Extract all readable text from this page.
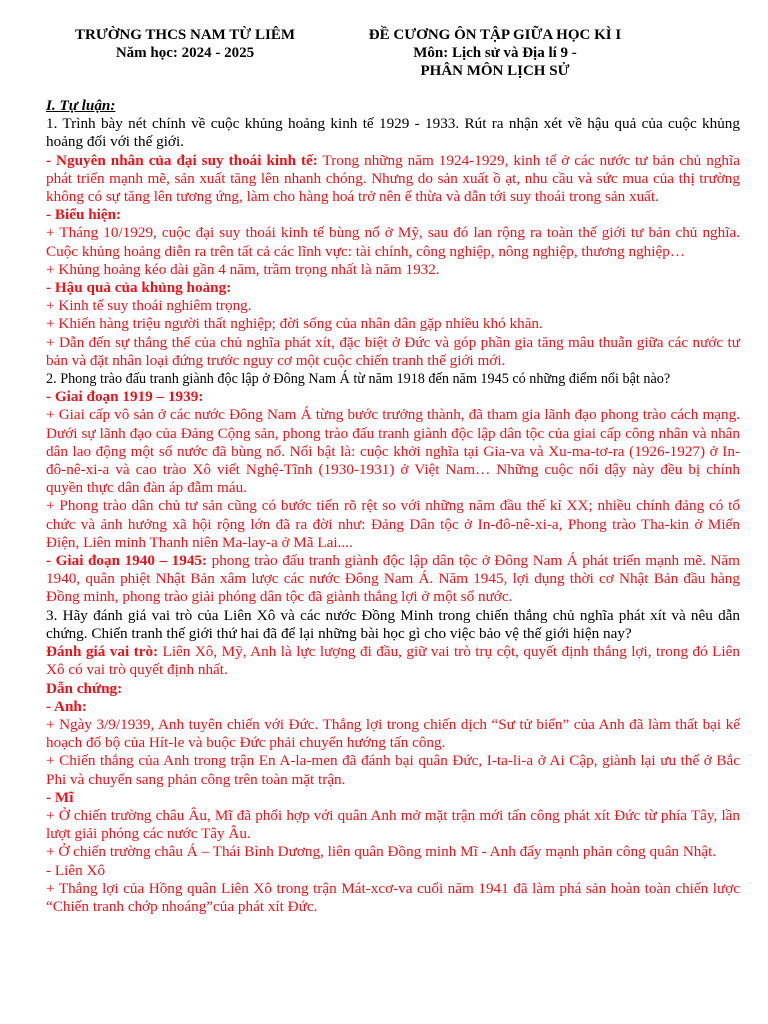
TRƯỜNG THCS NAM TỪ LIÊM
Năm học: 2024 - 2025
ĐỀ CƯƠNG ÔN TẬP GIỮA HỌC KÌ I
Môn: Lịch sử và Địa lí 9 -
PHÂN MÔN LỊCH SỬ

I. Tự luận:

1. Trình bày nét chính về cuộc khủng hoảng kinh tế 1929 - 1933. Rút ra nhận xét về hậu quả của cuộc khủng hoảng đối với thế giới.

- Nguyên nhân của đại suy thoái kinh tế: Trong những năm 1924-1929, kinh tế ở các nước tư bản chủ nghĩa phát triển mạnh mẽ, sản xuất tăng lên nhanh chóng. Nhưng do sản xuất ồ ạt, nhu cầu và sức mua của thị trường không có sự tăng lên tương ứng, làm cho hàng hoá trở nên ế thừa và dẫn tới suy thoái trong sản xuất.

- Biểu hiện:

+ Tháng 10/1929, cuộc đại suy thoái kinh tế bùng nổ ở Mỹ, sau đó lan rộng ra toàn thế giới tư bản chủ nghĩa. Cuộc khủng hoảng diễn ra trên tất cả các lĩnh vực: tài chính, công nghiệp, nông nghiệp, thương nghiệp…

+ Khủng hoảng kéo dài gần 4 năm, trầm trọng nhất là năm 1932.

- Hậu quả của khủng hoảng:

+ Kinh tế suy thoái nghiêm trọng.

+ Khiến hàng triệu người thất nghiệp; đời sống của nhân dân gặp nhiều khó khăn.

+ Dẫn đến sự thắng thế của chủ nghĩa phát xít, đặc biệt ở Đức và góp phần gia tăng mâu thuẫn giữa các nước tư bản và đặt nhân loại đứng trước nguy cơ một cuộc chiến tranh thế giới mới.

2. Phong trào đấu tranh giành độc lập ở Đông Nam Á từ năm 1918 đến năm 1945 có những điểm nổi bật nào?

- Giai đoạn 1919 – 1939:

+ Giai cấp vô sản ở các nước Đông Nam Á từng bước trưởng thành, đã tham gia lãnh đạo phong trào cách mạng. Dưới sự lãnh đạo của Đảng Cộng sản, phong trào đấu tranh giành độc lập dân tộc của giai cấp công nhân và nhân dân lao động một số nước đã bùng nổ. Nổi bật là: cuộc khởi nghĩa tại Gia-va và Xu-ma-tơ-ra (1926-1927) ở In-đô-nê-xi-a và cao trào Xô viết Nghệ-Tĩnh (1930-1931) ở Việt Nam… Những cuộc nổi dậy này đều bị chính quyền thực dân đàn áp đẫm máu.

+ Phong trào dân chủ tư sản cũng có bước tiến rõ rệt so với những năm đầu thế kỉ XX; nhiều chính đảng có tổ chức và ảnh hưởng xã hội rộng lớn đã ra đời như: Đảng Dân tộc ở In-đô-nê-xi-a, Phong trào Tha-kin ở Miến Điện, Liên minh Thanh niên Ma-lay-a ở Mã Lai....

- Giai đoạn 1940 – 1945: phong trào đấu tranh giành độc lập dân tộc ở Đông Nam Á phát triển mạnh mẽ. Năm 1940, quân phiệt Nhật Bản xâm lược các nước Đông Nam Á. Năm 1945, lợi dụng thời cơ Nhật Bản đầu hàng Đồng minh, phong trào giải phóng dân tộc đã giành thắng lợi ở một số nước.

3. Hãy đánh giá vai trò của Liên Xô và các nước Đồng Minh trong chiến thắng chủ nghĩa phát xít và nêu dẫn chứng. Chiến tranh thế giới thứ hai đã để lại những bài học gì cho việc bảo vệ thế giới hiện nay?

Đánh giá vai trò: Liên Xô, Mỹ, Anh là lực lượng đi đầu, giữ vai trò trụ cột, quyết định thắng lợi, trong đó Liên Xô có vai trò quyết định nhất.

Dẫn chứng:

- Anh:

+ Ngày 3/9/1939, Anh tuyên chiến với Đức. Thắng lợi trong chiến dịch “Sư tử biển” của Anh đã làm thất bại kế hoạch đổ bộ của Hít-le và buộc Đức phải chuyển hướng tấn công.

+ Chiến thắng của Anh trong trận En A-la-men đã đánh bại quân Đức, I-ta-li-a ở Ai Cập, giành lại ưu thế ở Bắc Phi và chuyển sang phản công trên toàn mặt trận.

- Mĩ

+ Ở chiến trường châu Âu, Mĩ đã phối hợp với quân Anh mở mặt trận mới tấn công phát xít Đức từ phía Tây, lần lượt giải phóng các nước Tây Âu.

+ Ở chiến trường châu Á – Thái Bình Dương, liên quân Đồng minh Mĩ - Anh đẩy mạnh phản công quân Nhật.

- Liên Xô

+ Thắng lợi của Hồng quân Liên Xô trong trận Mát-xcơ-va cuối năm 1941 đã làm phá sản hoàn toàn chiến lược “Chiến tranh chớp nhoáng”của phát xít Đức.
